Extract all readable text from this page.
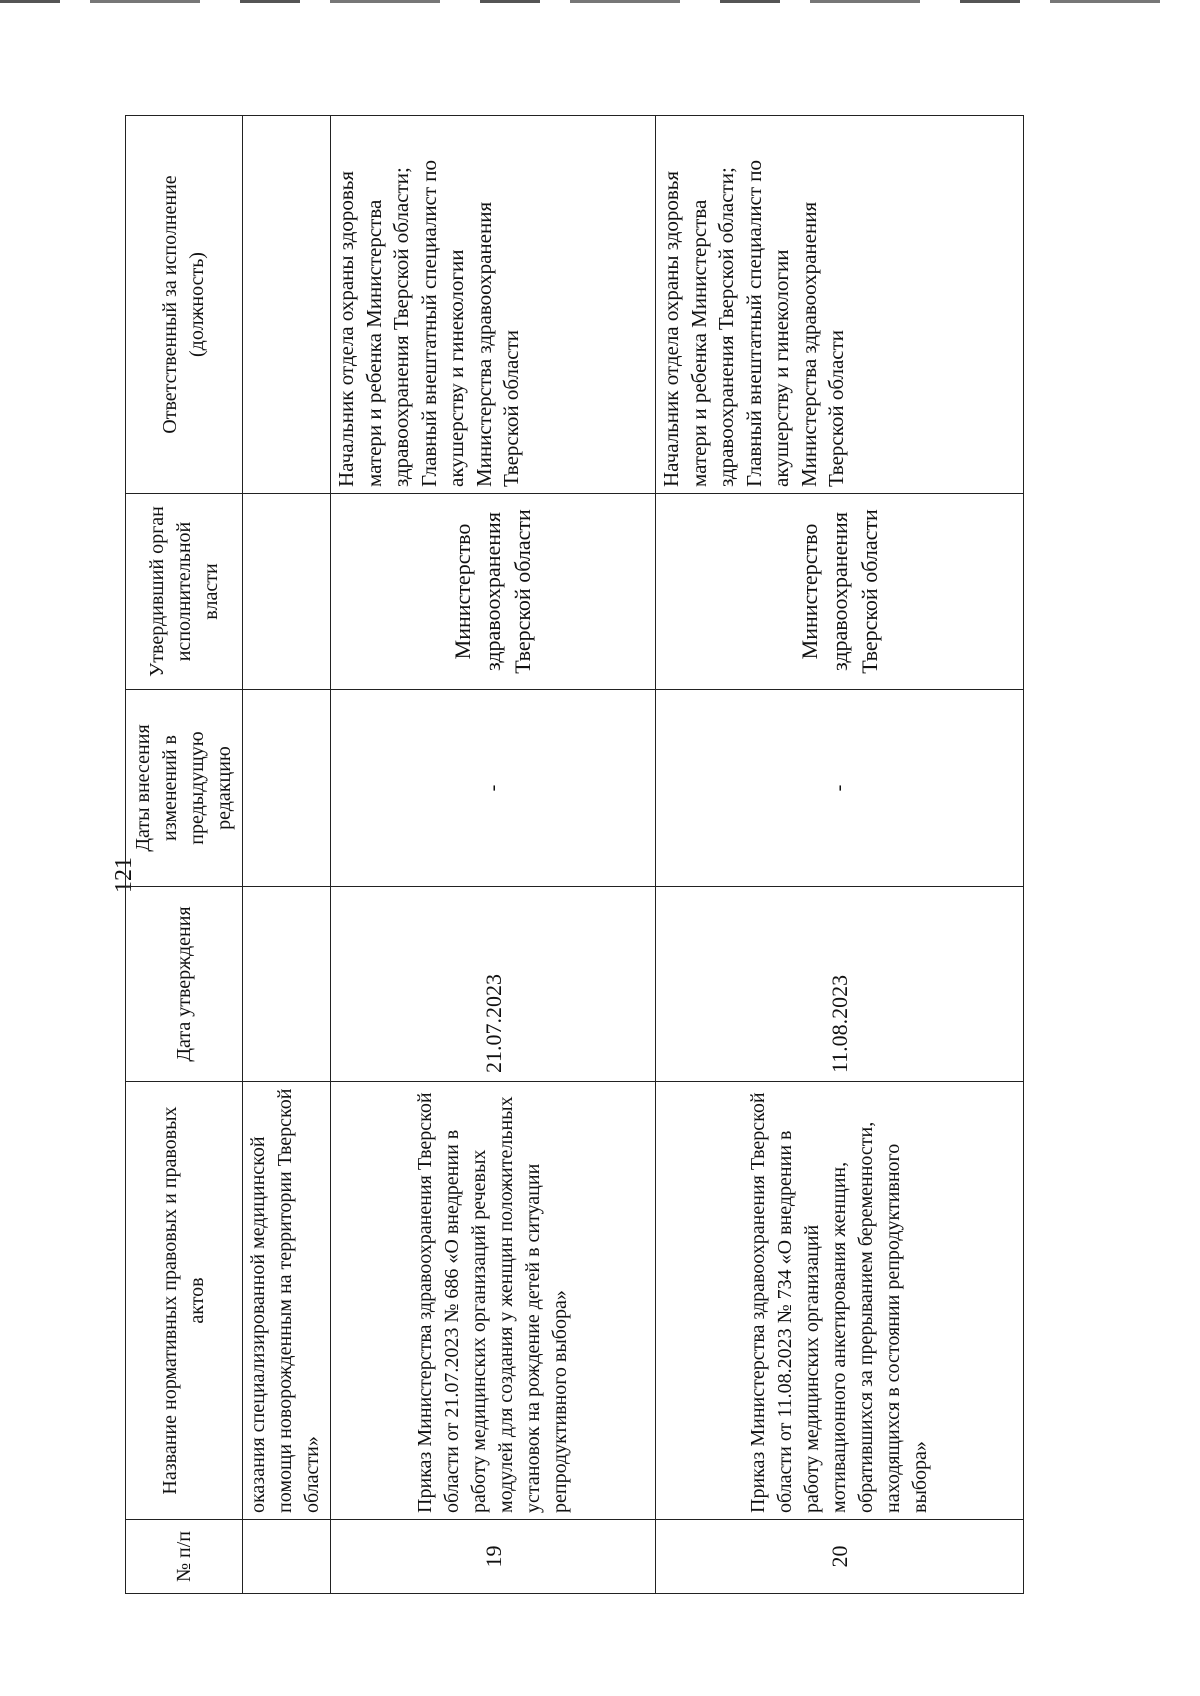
121
№ п/п	Название нормативных правовых и правовых актов	Дата утверждения	Даты внесения изменений в предыдущую редакцию	Утвердивший орган исполнительной власти	Ответственный за исполнение (должность)
	оказания специализированной медицинской помощи новорожденным на территории Тверской области»				
19	Приказ Министерства здравоохранения Тверской области от 21.07.2023 № 686 «О внедрении в работу медицинских организаций речевых модулей для создания у женщин положительных установок на рождение детей в ситуации репродуктивного выбора»	21.07.2023	-	Министерство здравоохранения Тверской области	Начальник отдела охраны здоровья матери и ребенка Министерства здравоохранения Тверской области; Главный внештатный специалист по акушерству и гинекологии Министерства здравоохранения Тверской области
20	Приказ Министерства здравоохранения Тверской области от 11.08.2023 № 734 «О внедрении в работу медицинских организаций мотивационного анкетирования женщин, обратившихся за прерыванием беременности, находящихся в состоянии репродуктивного выбора»	11.08.2023	-	Министерство здравоохранения Тверской области	Начальник отдела охраны здоровья матери и ребенка Министерства здравоохранения Тверской области; Главный внештатный специалист по акушерству и гинекологии Министерства здравоохранения Тверской области
